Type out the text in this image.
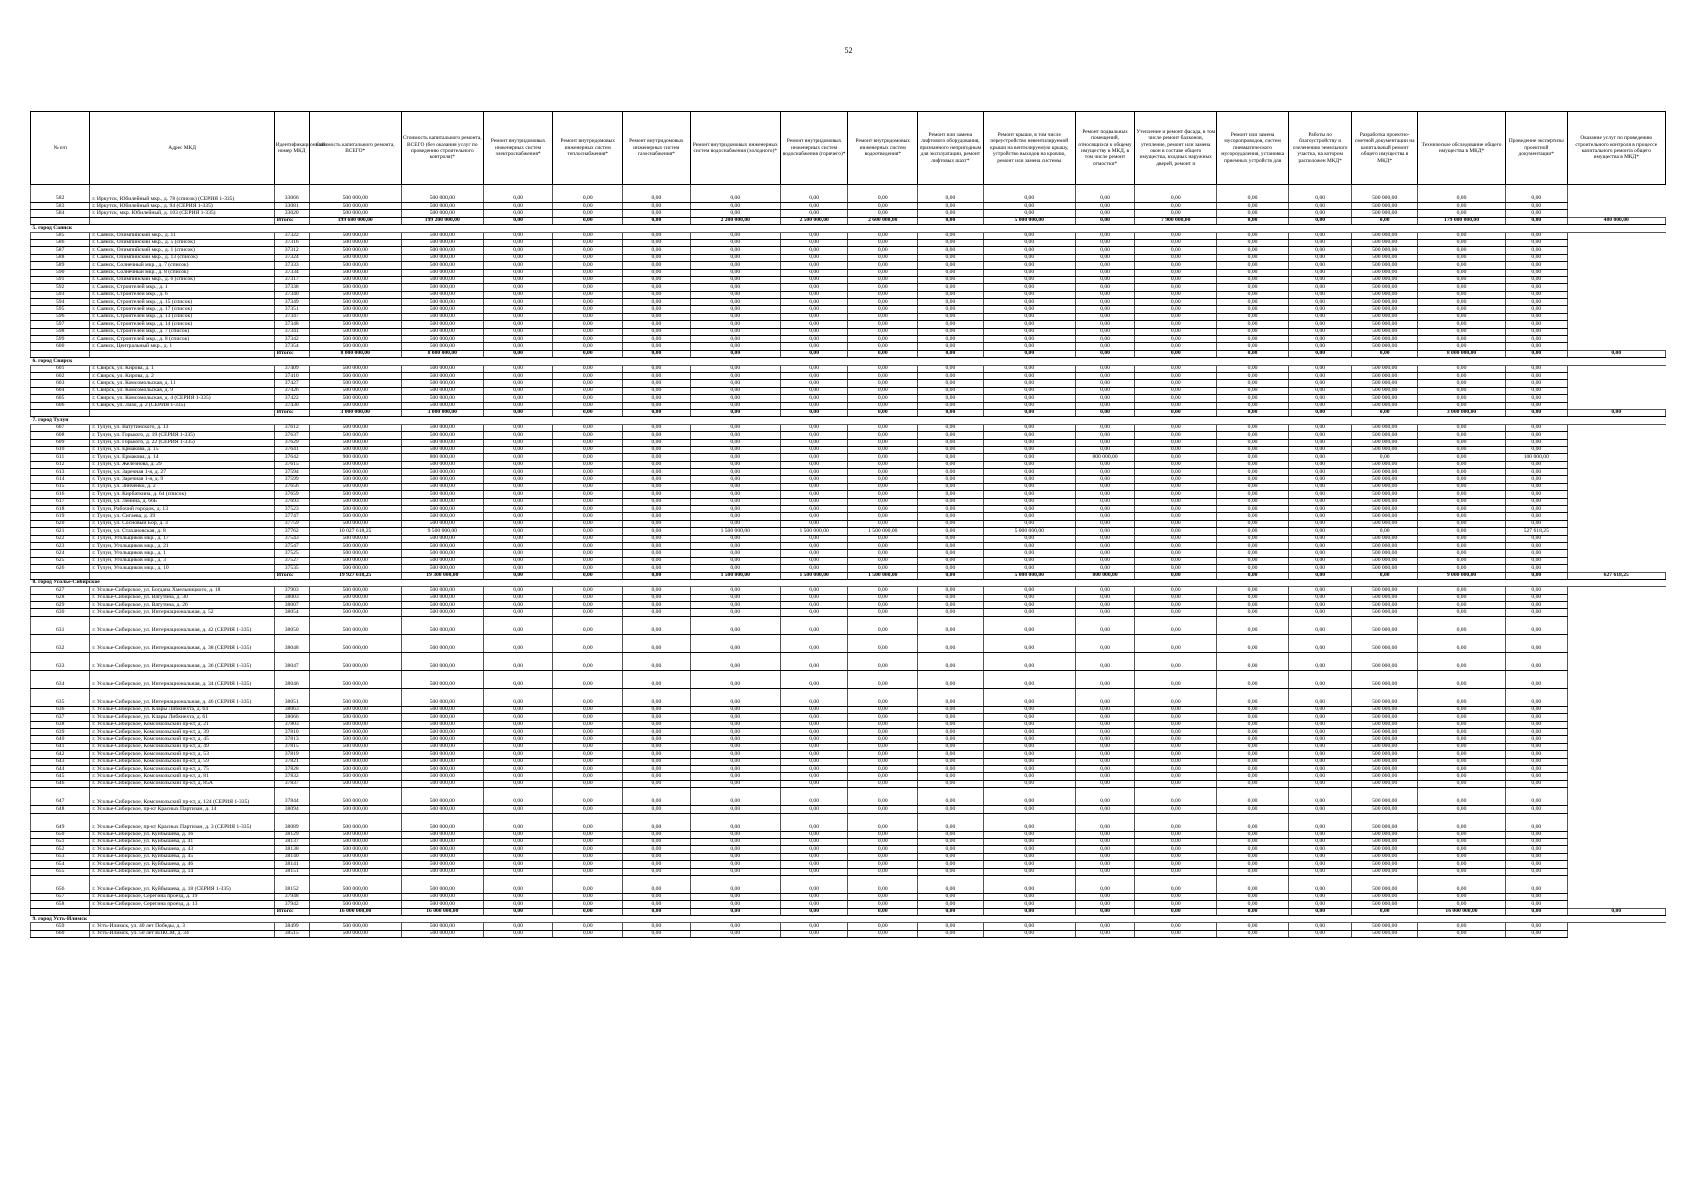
52
№ п/п	Адрес МКД	Идентификационный номер МКД	Стоимость капитального ремонта, ВСЕГО*	Стоимость капитального ремонта, ВСЕГО (без оказания услуг по проведению строительного контроля)*	Ремонт внутридомовых инженерных систем электроснабжения*	Ремонт внутридомовых инженерных систем теплоснабжения*	Ремонт внутридомовых инженерных систем газоснабжения*	Ремонт внутридомовых инженерных систем водоснабжения (холодного)*	Ремонт внутридомовых инженерных систем водоснабжения (горячего)*	Ремонт внутридомовых инженерных систем водоотведения*	Ремонт или замена лифтового оборудования, признанного непригодным для эксплуатации, ремонт лифтовых шахт*	Ремонт крыши, в том числе переустройство невентилируемой крыши на вентилируемую крышу, устройство выходов на кровлю, ремонт или замена системы	Ремонт подвальных помещений, относящихся к общему имуществу в МКД, в том числе ремонт отмостки*	Утепление и ремонт фасада, в том числе ремонт балконов, утепление, ремонт или замена окон в составе общего имущества, входных наружных дверей, ремонт и	Ремонт или замена мусоропроводов, систем пневматического мусороудаления, установка приемных устройств для	Работы по благоустройству и озеленению земельного участка, на котором расположен МКД*	Разработка проектно-сметной документации на капитальный ремонт общего имущества в МКД*	Техническое обследование общего имущества в МКД*	Проведение экспертизы проектной документации*	Оказание услуг по проведению строительного контроля в процессе капитального ремонта общего имущества в МКД*
582	г. Иркутск, Юбилейный мкр., д. 78 (список) (СЕРИЯ 1-335)	33066	500 000,00	500 000,00	0,00	0,00	0,00	0,00	0,00	0,00	0,00	0,00	0,00	0,00	0,00	0,00	500 000,00	0,00	0,00	
583	г. Иркутск, Юбилейный мкр., д. 94 (СЕРИЯ 1-335)	33081	500 000,00	500 000,00	0,00	0,00	0,00	0,00	0,00	0,00	0,00	0,00	0,00	0,00	0,00	0,00	500 000,00	0,00	0,00	
584	г. Иркутск, мкр. Юбилейный, д. 103 (СЕРИЯ 1-335)	33020	500 000,00	500 000,00	0,00	0,00	0,00	0,00	0,00	0,00	0,00	0,00	0,00	0,00	0,00	0,00	500 000,00	0,00	0,00	
		Итого:	199 680 000,00	199 200 000,00	0,00	0,00	0,00	2 200 000,00	2 500 000,00	2 600 000,00	0,00	5 000 000,00	0,00	7 900 000,00	0,00	0,00	0,00	179 000 000,00	0,00	480 000,00
5. город Саянск																				
585	г. Саянск, Олимпийский мкр., д. 11	37322	500 000,00	500 000,00	0,00	0,00	0,00	0,00	0,00	0,00	0,00	0,00	0,00	0,00	0,00	0,00	500 000,00	0,00	0,00	
586	г. Саянск, Олимпийский мкр., д. 5 (список)	37316	500 000,00	500 000,00	0,00	0,00	0,00	0,00	0,00	0,00	0,00	0,00	0,00	0,00	0,00	0,00	500 000,00	0,00	0,00	
587	г. Саянск, Олимпийский мкр., д. 1 (список)	37312	500 000,00	500 000,00	0,00	0,00	0,00	0,00	0,00	0,00	0,00	0,00	0,00	0,00	0,00	0,00	500 000,00	0,00	0,00	
588	г. Саянск, Олимпийский мкр., д. 13 (список)	37324	500 000,00	500 000,00	0,00	0,00	0,00	0,00	0,00	0,00	0,00	0,00	0,00	0,00	0,00	0,00	500 000,00	0,00	0,00	
589	г. Саянск, Солнечный мкр., д. 7 (список)	37333	500 000,00	500 000,00	0,00	0,00	0,00	0,00	0,00	0,00	0,00	0,00	0,00	0,00	0,00	0,00	500 000,00	0,00	0,00	
590	г. Саянск, Солнечный мкр., д. 8 (список)	37334	500 000,00	500 000,00	0,00	0,00	0,00	0,00	0,00	0,00	0,00	0,00	0,00	0,00	0,00	0,00	500 000,00	0,00	0,00	
591	г. Саянск, Олимпийский мкр., д. 6 (список)	37317	500 000,00	500 000,00	0,00	0,00	0,00	0,00	0,00	0,00	0,00	0,00	0,00	0,00	0,00	0,00	500 000,00	0,00	0,00	
592	г. Саянск, Строителей мкр., д. 1	37338	500 000,00	500 000,00	0,00	0,00	0,00	0,00	0,00	0,00	0,00	0,00	0,00	0,00	0,00	0,00	500 000,00	0,00	0,00	
593	г. Саянск, Строителей мкр., д. 6	37340	500 000,00	500 000,00	0,00	0,00	0,00	0,00	0,00	0,00	0,00	0,00	0,00	0,00	0,00	0,00	500 000,00	0,00	0,00	
594	г. Саянск, Строителей мкр., д. 15 (список)	37349	500 000,00	500 000,00	0,00	0,00	0,00	0,00	0,00	0,00	0,00	0,00	0,00	0,00	0,00	0,00	500 000,00	0,00	0,00	
595	г. Саянск, Строителей мкр., д. 17 (список)	37351	500 000,00	500 000,00	0,00	0,00	0,00	0,00	0,00	0,00	0,00	0,00	0,00	0,00	0,00	0,00	500 000,00	0,00	0,00	
596	г. Саянск, Строителей мкр., д. 13 (список)	37347	500 000,00	500 000,00	0,00	0,00	0,00	0,00	0,00	0,00	0,00	0,00	0,00	0,00	0,00	0,00	500 000,00	0,00	0,00	
597	г. Саянск, Строителей мкр., д. 14 (список)	37348	500 000,00	500 000,00	0,00	0,00	0,00	0,00	0,00	0,00	0,00	0,00	0,00	0,00	0,00	0,00	500 000,00	0,00	0,00	
598	г. Саянск, Строителей мкр., д. 7 (список)	37341	500 000,00	500 000,00	0,00	0,00	0,00	0,00	0,00	0,00	0,00	0,00	0,00	0,00	0,00	0,00	500 000,00	0,00	0,00	
599	г. Саянск, Строителей мкр., д. 8 (список)	37342	500 000,00	500 000,00	0,00	0,00	0,00	0,00	0,00	0,00	0,00	0,00	0,00	0,00	0,00	0,00	500 000,00	0,00	0,00	
600	г. Саянск, Центральный мкр., д. 1	37354	500 000,00	500 000,00	0,00	0,00	0,00	0,00	0,00	0,00	0,00	0,00	0,00	0,00	0,00	0,00	500 000,00	0,00	0,00	
		Итого:	8 000 000,00	8 000 000,00	0,00	0,00	0,00	0,00	0,00	0,00	0,00	0,00	0,00	0,00	0,00	0,00	0,00	8 000 000,00	0,00	0,00
6. город Свирск																				
601	г. Свирск, ул. Кирова, д. 1	37409	500 000,00	500 000,00	0,00	0,00	0,00	0,00	0,00	0,00	0,00	0,00	0,00	0,00	0,00	0,00	500 000,00	0,00	0,00	
602	г. Свирск, ул. Кирова, д. 2	37410	500 000,00	500 000,00	0,00	0,00	0,00	0,00	0,00	0,00	0,00	0,00	0,00	0,00	0,00	0,00	500 000,00	0,00	0,00	
603	г. Свирск, ул. Комсомольская, д. 11	37427	500 000,00	500 000,00	0,00	0,00	0,00	0,00	0,00	0,00	0,00	0,00	0,00	0,00	0,00	0,00	500 000,00	0,00	0,00	
604	г. Свирск, ул. Комсомольская, д. 9	37426	500 000,00	500 000,00	0,00	0,00	0,00	0,00	0,00	0,00	0,00	0,00	0,00	0,00	0,00	0,00	500 000,00	0,00	0,00	
605	г. Свирск, ул. Комсомольская, д. 4 (СЕРИЯ 1-335)	37422	500 000,00	500 000,00	0,00	0,00	0,00	0,00	0,00	0,00	0,00	0,00	0,00	0,00	0,00	0,00	500 000,00	0,00	0,00	
606	г. Свирск, ул. Лазо, д. 2 (СЕРИЯ 1-335)	37430	500 000,00	500 000,00	0,00	0,00	0,00	0,00	0,00	0,00	0,00	0,00	0,00	0,00	0,00	0,00	500 000,00	0,00	0,00	
		Итого:	3 000 000,00	3 000 000,00	0,00	0,00	0,00	0,00	0,00	0,00	0,00	0,00	0,00	0,00	0,00	0,00	0,00	3 000 000,00	0,00	0,00
7. город Тулун																				
607	г. Тулун, ул. Ватутинского, д. 13	37612	500 000,00	500 000,00	0,00	0,00	0,00	0,00	0,00	0,00	0,00	0,00	0,00	0,00	0,00	0,00	500 000,00	0,00	0,00	
608	г. Тулун, ул. Горького, д. 19 (СЕРИЯ 1-335)	37637	500 000,00	500 000,00	0,00	0,00	0,00	0,00	0,00	0,00	0,00	0,00	0,00	0,00	0,00	0,00	500 000,00	0,00	0,00	
609	г. Тулун, ул. Горького, д. 22 (СЕРИЯ 1-335)	37629	500 000,00	500 000,00	0,00	0,00	0,00	0,00	0,00	0,00	0,00	0,00	0,00	0,00	0,00	0,00	500 000,00	0,00	0,00	
610	г. Тулун, ул. Ермакова, д. 15	37641	500 000,00	500 000,00	0,00	0,00	0,00	0,00	0,00	0,00	0,00	0,00	0,00	0,00	0,00	0,00	500 000,00	0,00	0,00	
611	г. Тулун, ул. Ермакова, д. 14	37642	900 000,00	800 000,00	0,00	0,00	0,00	0,00	0,00	0,00	0,00	0,00	800 000,00	0,00	0,00	0,00	0,00	0,00	100 000,00	
612	г. Тулун, ул. Железнова, д. 29	37615	500 000,00	500 000,00	0,00	0,00	0,00	0,00	0,00	0,00	0,00	0,00	0,00	0,00	0,00	0,00	500 000,00	0,00	0,00	
613	г. Тулун, ул. Заречная 1-я, д. 27	37594	500 000,00	500 000,00	0,00	0,00	0,00	0,00	0,00	0,00	0,00	0,00	0,00	0,00	0,00	0,00	500 000,00	0,00	0,00	
614	г. Тулун, ул. Заречная 1-я, д. 9	37599	500 000,00	500 000,00	0,00	0,00	0,00	0,00	0,00	0,00	0,00	0,00	0,00	0,00	0,00	0,00	500 000,00	0,00	0,00	
615	г. Тулун, ул. Зинченко, д. 2	37656	500 000,00	500 000,00	0,00	0,00	0,00	0,00	0,00	0,00	0,00	0,00	0,00	0,00	0,00	0,00	500 000,00	0,00	0,00	
616	г. Тулун, ул. Кирбаткина, д. 64 (список)	37659	500 000,00	500 000,00	0,00	0,00	0,00	0,00	0,00	0,00	0,00	0,00	0,00	0,00	0,00	0,00	500 000,00	0,00	0,00	
617	г. Тулун, ул. Ленина, д. 66Б	37693	500 000,00	500 000,00	0,00	0,00	0,00	0,00	0,00	0,00	0,00	0,00	0,00	0,00	0,00	0,00	500 000,00	0,00	0,00	
618	г. Тулун, Рабочий городок, д. 13	37523	500 000,00	500 000,00	0,00	0,00	0,00	0,00	0,00	0,00	0,00	0,00	0,00	0,00	0,00	0,00	500 000,00	0,00	0,00	
619	г. Тулун, ул. Сигаева, д. 39	37747	500 000,00	500 000,00	0,00	0,00	0,00	0,00	0,00	0,00	0,00	0,00	0,00	0,00	0,00	0,00	500 000,00	0,00	0,00	
620	г. Тулун, ул. Сосновый Бор, д. 3	37759	500 000,00	500 000,00	0,00	0,00	0,00	0,00	0,00	0,00	0,00	0,00	0,00	0,00	0,00	0,00	500 000,00	0,00	0,00	
621	г. Тулун, ул. Стахановская, д. 8	37762	10 027 618,25	9 500 000,00	0,00	0,00	0,00	1 500 000,00	1 500 000,00	1 500 000,00	0,00	5 000 000,00	0,00	0,00	0,00	0,00	0,00	0,00	527 618,25	
622	г. Тулун, Угольщиков мкр., д. 17	37543	500 000,00	500 000,00	0,00	0,00	0,00	0,00	0,00	0,00	0,00	0,00	0,00	0,00	0,00	0,00	500 000,00	0,00	0,00	
623	г. Тулун, Угольщиков мкр., д. 21	37547	500 000,00	500 000,00	0,00	0,00	0,00	0,00	0,00	0,00	0,00	0,00	0,00	0,00	0,00	0,00	500 000,00	0,00	0,00	
624	г. Тулун, Угольщиков мкр., д. 1	37525	500 000,00	500 000,00	0,00	0,00	0,00	0,00	0,00	0,00	0,00	0,00	0,00	0,00	0,00	0,00	500 000,00	0,00	0,00	
625	г. Тулун, Угольщиков мкр., д. 3	37527	500 000,00	500 000,00	0,00	0,00	0,00	0,00	0,00	0,00	0,00	0,00	0,00	0,00	0,00	0,00	500 000,00	0,00	0,00	
626	г. Тулун, Угольщиков мкр., д. 10	37535	500 000,00	500 000,00	0,00	0,00	0,00	0,00	0,00	0,00	0,00	0,00	0,00	0,00	0,00	0,00	500 000,00	0,00	0,00	
		Итого:	19 927 618,25	19 300 000,00	0,00	0,00	0,00	1 500 000,00	1 500 000,00	1 500 000,00	0,00	5 000 000,00	800 000,00	0,00	0,00	0,00	0,00	9 000 000,00	0,00	627 618,25
8. город Усолье-Сибирское																				
627	г. Усолье-Сибирское, ул. Богдана Хмельницкого, д. 18	37903	500 000,00	500 000,00	0,00	0,00	0,00	0,00	0,00	0,00	0,00	0,00	0,00	0,00	0,00	0,00	500 000,00	0,00	0,00	
628	г. Усолье-Сибирское, ул. Ватутина, д. 30	38003	500 000,00	500 000,00	0,00	0,00	0,00	0,00	0,00	0,00	0,00	0,00	0,00	0,00	0,00	0,00	500 000,00	0,00	0,00	
629	г. Усолье-Сибирское, ул. Ватутина, д. 26	38007	500 000,00	500 000,00	0,00	0,00	0,00	0,00	0,00	0,00	0,00	0,00	0,00	0,00	0,00	0,00	500 000,00	0,00	0,00	
630	г. Усолье-Сибирское, ул. Интернациональная, д. 52	38054	500 000,00	500 000,00	0,00	0,00	0,00	0,00	0,00	0,00	0,00	0,00	0,00	0,00	0,00	0,00	500 000,00	0,00	0,00	
631	г. Усолье-Сибирское, ул. Интернациональная, д. 42 (СЕРИЯ 1-335)	38050	500 000,00	500 000,00	0,00	0,00	0,00	0,00	0,00	0,00	0,00	0,00	0,00	0,00	0,00	0,00	500 000,00	0,00	0,00	
632	г. Усолье-Сибирское, ул. Интернациональная, д. 38 (СЕРИЯ 1-335)	38048	500 000,00	500 000,00	0,00	0,00	0,00	0,00	0,00	0,00	0,00	0,00	0,00	0,00	0,00	0,00	500 000,00	0,00	0,00	
633	г. Усолье-Сибирское, ул. Интернациональная, д. 36 (СЕРИЯ 1-335)	38047	500 000,00	500 000,00	0,00	0,00	0,00	0,00	0,00	0,00	0,00	0,00	0,00	0,00	0,00	0,00	500 000,00	0,00	0,00	
634	г. Усолье-Сибирское, ул. Интернациональная, д. 34 (СЕРИЯ 1-335)	38046	500 000,00	500 000,00	0,00	0,00	0,00	0,00	0,00	0,00	0,00	0,00	0,00	0,00	0,00	0,00	500 000,00	0,00	0,00	
635	г. Усолье-Сибирское, ул. Интернациональная, д. 46 (СЕРИЯ 1-335)	38051	500 000,00	500 000,00	0,00	0,00	0,00	0,00	0,00	0,00	0,00	0,00	0,00	0,00	0,00	0,00	500 000,00	0,00	0,00	
636	г. Усолье-Сибирское, ул. Клары Либкнехта, д. 64	38063	500 000,00	500 000,00	0,00	0,00	0,00	0,00	0,00	0,00	0,00	0,00	0,00	0,00	0,00	0,00	500 000,00	0,00	0,00	
637	г. Усолье-Сибирское, ул. Клары Либкнехта, д. 61	38066	500 000,00	500 000,00	0,00	0,00	0,00	0,00	0,00	0,00	0,00	0,00	0,00	0,00	0,00	0,00	500 000,00	0,00	0,00	
638	г. Усолье-Сибирское, Комсомольский пр-кт, д. 21	37803	500 000,00	500 000,00	0,00	0,00	0,00	0,00	0,00	0,00	0,00	0,00	0,00	0,00	0,00	0,00	500 000,00	0,00	0,00	
639	г. Усолье-Сибирское, Комсомольский пр-кт, д. 39	37810	500 000,00	500 000,00	0,00	0,00	0,00	0,00	0,00	0,00	0,00	0,00	0,00	0,00	0,00	0,00	500 000,00	0,00	0,00	
640	г. Усолье-Сибирское, Комсомольский пр-кт, д. 45	37813	500 000,00	500 000,00	0,00	0,00	0,00	0,00	0,00	0,00	0,00	0,00	0,00	0,00	0,00	0,00	500 000,00	0,00	0,00	
641	г. Усолье-Сибирское, Комсомольский пр-кт, д. 49	37815	500 000,00	500 000,00	0,00	0,00	0,00	0,00	0,00	0,00	0,00	0,00	0,00	0,00	0,00	0,00	500 000,00	0,00	0,00	
642	г. Усолье-Сибирское, Комсомольский пр-кт, д. 53	37819	500 000,00	500 000,00	0,00	0,00	0,00	0,00	0,00	0,00	0,00	0,00	0,00	0,00	0,00	0,00	500 000,00	0,00	0,00	
643	г. Усолье-Сибирское, Комсомольский пр-кт, д. 59	37821	500 000,00	500 000,00	0,00	0,00	0,00	0,00	0,00	0,00	0,00	0,00	0,00	0,00	0,00	0,00	500 000,00	0,00	0,00	
644	г. Усолье-Сибирское, Комсомольский пр-кт, д. 75	37828	500 000,00	500 000,00	0,00	0,00	0,00	0,00	0,00	0,00	0,00	0,00	0,00	0,00	0,00	0,00	500 000,00	0,00	0,00	
645	г. Усолье-Сибирское, Комсомольский пр-кт, д. 81	37832	500 000,00	500 000,00	0,00	0,00	0,00	0,00	0,00	0,00	0,00	0,00	0,00	0,00	0,00	0,00	500 000,00	0,00	0,00	
646	г. Усолье-Сибирское, Комсомольский пр-кт, д. 85А	37837	500 000,00	500 000,00	0,00	0,00	0,00	0,00	0,00	0,00	0,00	0,00	0,00	0,00	0,00	0,00	500 000,00	0,00	0,00	
647	г. Усолье-Сибирское, Комсомольский пр-кт, д. 124 (СЕРИЯ 1-335)	37844	500 000,00	500 000,00	0,00	0,00	0,00	0,00	0,00	0,00	0,00	0,00	0,00	0,00	0,00	0,00	500 000,00	0,00	0,00	
648	г. Усолье-Сибирское, пр-кт Красных Партизан, д. 14	38094	500 000,00	500 000,00	0,00	0,00	0,00	0,00	0,00	0,00	0,00	0,00	0,00	0,00	0,00	0,00	500 000,00	0,00	0,00	
649	г. Усолье-Сибирское, пр-кт Красных Партизан, д. 3 (СЕРИЯ 1-335)	38089	500 000,00	500 000,00	0,00	0,00	0,00	0,00	0,00	0,00	0,00	0,00	0,00	0,00	0,00	0,00	500 000,00	0,00	0,00	
650	г. Усолье-Сибирское, ул. Куйбышева, д. 16	38129	500 000,00	500 000,00	0,00	0,00	0,00	0,00	0,00	0,00	0,00	0,00	0,00	0,00	0,00	0,00	500 000,00	0,00	0,00	
651	г. Усолье-Сибирское, ул. Куйбышева, д. 41	38137	500 000,00	500 000,00	0,00	0,00	0,00	0,00	0,00	0,00	0,00	0,00	0,00	0,00	0,00	0,00	500 000,00	0,00	0,00	
652	г. Усолье-Сибирское, ул. Куйбышева, д. 43	38138	500 000,00	500 000,00	0,00	0,00	0,00	0,00	0,00	0,00	0,00	0,00	0,00	0,00	0,00	0,00	500 000,00	0,00	0,00	
653	г. Усолье-Сибирское, ул. Куйбышева, д. 45	38140	500 000,00	500 000,00	0,00	0,00	0,00	0,00	0,00	0,00	0,00	0,00	0,00	0,00	0,00	0,00	500 000,00	0,00	0,00	
654	г. Усолье-Сибирское, ул. Куйбышева, д. 46	38141	500 000,00	500 000,00	0,00	0,00	0,00	0,00	0,00	0,00	0,00	0,00	0,00	0,00	0,00	0,00	500 000,00	0,00	0,00	
655	г. Усолье-Сибирское, ул. Куйбышева, д. 14	38151	500 000,00	500 000,00	0,00	0,00	0,00	0,00	0,00	0,00	0,00	0,00	0,00	0,00	0,00	0,00	500 000,00	0,00	0,00	
656	г. Усолье-Сибирское, ул. Куйбышева, д. 18 (СЕРИЯ 1-335)	38152	500 000,00	500 000,00	0,00	0,00	0,00	0,00	0,00	0,00	0,00	0,00	0,00	0,00	0,00	0,00	500 000,00	0,00	0,00	
657	г. Усолье-Сибирское, Серегина проезд, д. 19	37948	500 000,00	500 000,00	0,00	0,00	0,00	0,00	0,00	0,00	0,00	0,00	0,00	0,00	0,00	0,00	500 000,00	0,00	0,00	
658	г. Усолье-Сибирское, Серегина проезд, д. 13	37942	500 000,00	500 000,00	0,00	0,00	0,00	0,00	0,00	0,00	0,00	0,00	0,00	0,00	0,00	0,00	500 000,00	0,00	0,00	
		Итого:	16 000 000,00	16 000 000,00	0,00	0,00	0,00	0,00	0,00	0,00	0,00	0,00	0,00	0,00	0,00	0,00	0,00	16 000 000,00	0,00	0,00
9. город Усть-Илимск																				
659	г. Усть-Илимск, ул. 40 лет Победы, д. 3	38499	500 000,00	500 000,00	0,00	0,00	0,00	0,00	0,00	0,00	0,00	0,00	0,00	0,00	0,00	0,00	500 000,00	0,00	0,00	
660	г. Усть-Илимск, ул. 50 лет ВЛКСМ, д. 34	38515	500 000,00	500 000,00	0,00	0,00	0,00	0,00	0,00	0,00	0,00	0,00	0,00	0,00	0,00	0,00	500 000,00	0,00	0,00	
